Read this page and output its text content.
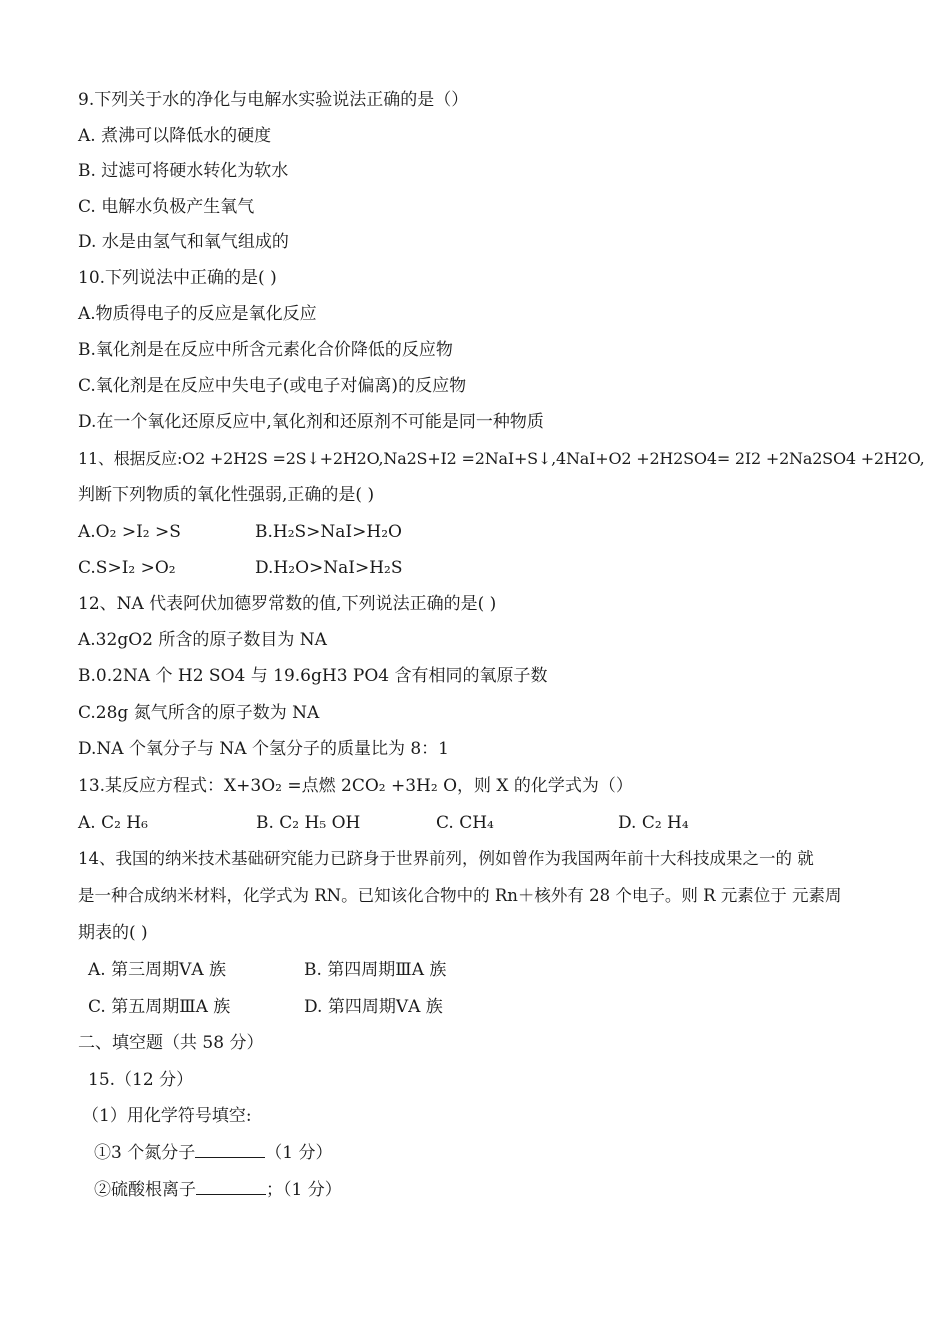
9.下列关于水的净化与电解水实验说法正确的是（）
A. 煮沸可以降低水的硬度
B. 过滤可将硬水转化为软水
C. 电解水负极产生氧气
D. 水是由氢气和氧气组成的
10.下列说法中正确的是( )
A.物质得电子的反应是氧化反应
B.氧化剂是在反应中所含元素化合价降低的反应物
C.氧化剂是在反应中失电子(或电子对偏离)的反应物
D.在一个氧化还原反应中,氧化剂和还原剂不可能是同一种物质
11、根据反应:O2 +2H2S =2S↓+2H2O,Na2S+I2 =2NaI+S↓,4NaI+O2 +2H2SO4= 2I2 +2Na2SO4 +2H2O,
判断下列物质的氧化性强弱,正确的是( )
A.O₂ >I₂ >S	B.H₂S>NaI>H₂O
C.S>I₂ >O₂	D.H₂O>NaI>H₂S
12、NA 代表阿伏加德罗常数的值,下列说法正确的是( )
A.32gO2 所含的原子数目为 NA
B.0.2NA 个 H2 SO4 与 19.6gH3 PO4 含有相同的氧原子数
C.28g 氮气所含的原子数为 NA
D.NA 个氧分子与 NA 个氢分子的质量比为 8：1
13.某反应方程式：X+3O₂ =点燃 2CO₂ +3H₂ O，则 X 的化学式为（）
A. C₂ H₆	B. C₂ H₅ OH	C. CH₄	D. C₂ H₄
14、我国的纳米技术基础研究能力已跻身于世界前列，例如曾作为我国两年前十大科技成果之一的 就
是一种合成纳米材料，化学式为 RN。已知该化合物中的 Rn＋核外有 28 个电子。则 R 元素位于 元素周
期表的( )
A. 第三周期ⅤA 族	B. 第四周期ⅢA 族
C. 第五周期ⅢA 族	D. 第四周期ⅤA 族
二、填空题（共 58 分）
15.（12 分）
（1）用化学符号填空:
①3 个氮分子	（1 分）
②硫酸根离子	；（1 分）
